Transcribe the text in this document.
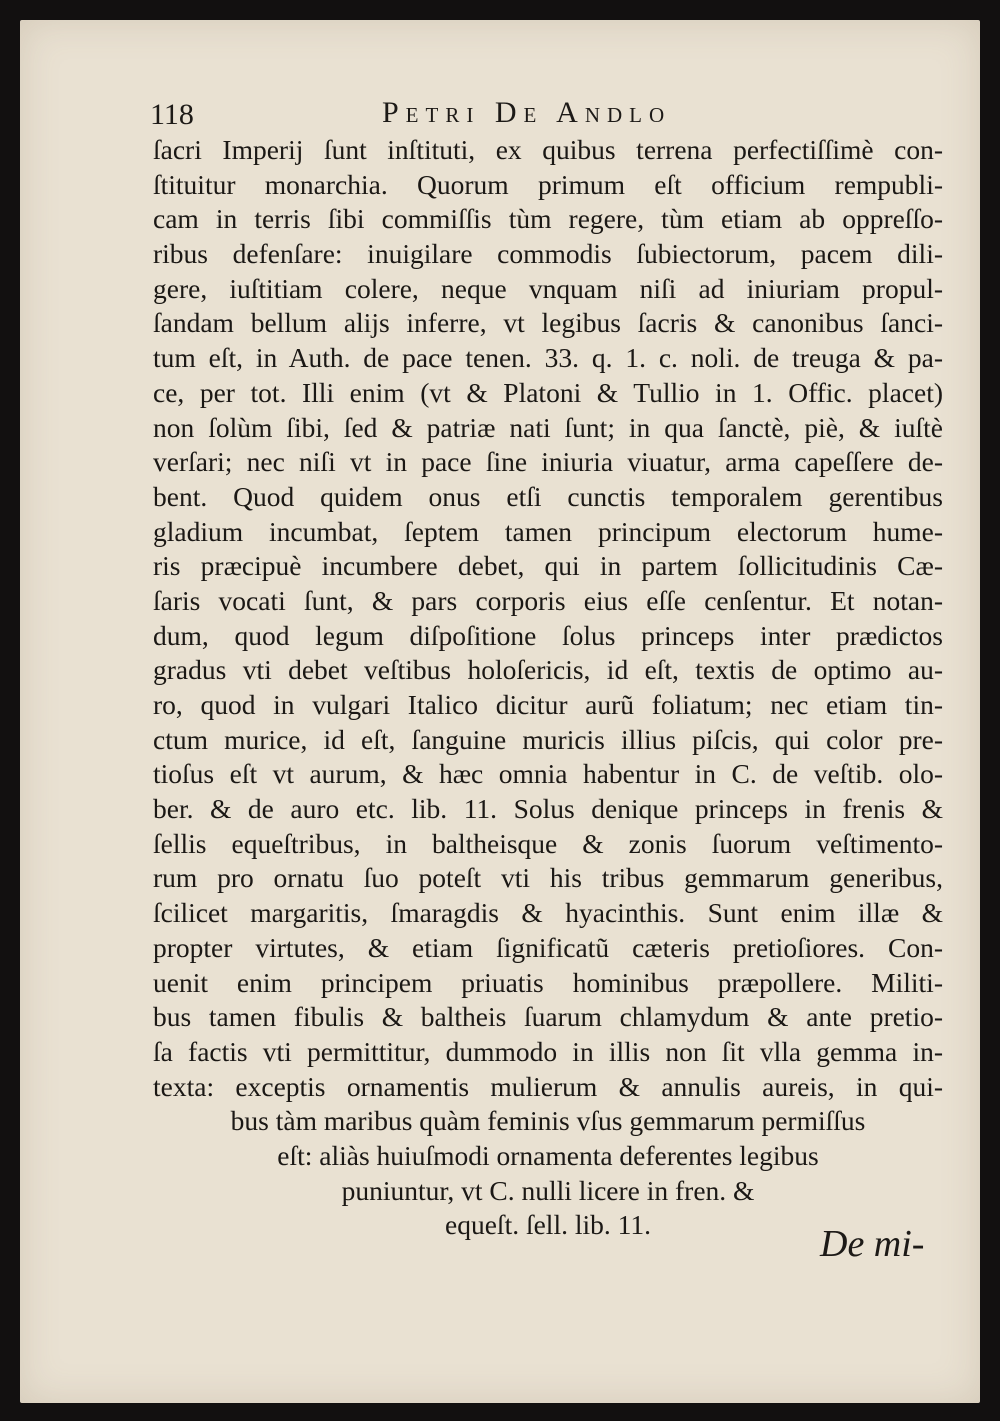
118	Petri De Andlo
ſacri Imperij ſunt inſtituti, ex quibus terrena perfectiſſimè con-
ſtituitur monarchia. Quorum primum eſt officium rempubli-
cam in terris ſibi commiſſis tùm regere, tùm etiam ab oppreſſo-
ribus defenſare: inuigilare commodis ſubiectorum, pacem dili-
gere, iuſtitiam colere, neque vnquam niſi ad iniuriam propul-
ſandam bellum alijs inferre, vt legibus ſacris & canonibus ſanci-
tum eſt, in Auth. de pace tenen. 33. q. 1. c. noli. de treuga & pa-
ce, per tot. Illi enim (vt & Platoni & Tullio in 1. Offic. placet)
non ſolùm ſibi, ſed & patriæ nati ſunt; in qua ſanctè, piè, & iuſtè
verſari; nec niſi vt in pace ſine iniuria viuatur, arma capeſſere de-
bent. Quod quidem onus etſi cunctis temporalem gerentibus
gladium incumbat, ſeptem tamen principum electorum hume-
ris præcipuè incumbere debet, qui in partem ſollicitudinis Cæ-
ſaris vocati ſunt, & pars corporis eius eſſe cenſentur. Et notan-
dum, quod legum diſpoſitione ſolus princeps inter prædictos
gradus vti debet veſtibus holoſericis, id eſt, textis de optimo au-
ro, quod in vulgari Italico dicitur aurũ foliatum; nec etiam tin-
ctum murice, id eſt, ſanguine muricis illius piſcis, qui color pre-
tioſus eſt vt aurum, & hæc omnia habentur in C. de veſtib. olo-
ber. & de auro etc. lib. 11. Solus denique princeps in frenis &
ſellis equeſtribus, in baltheisque & zonis ſuorum veſtimento-
rum pro ornatu ſuo poteſt vti his tribus gemmarum generibus,
ſcilicet margaritis, ſmaragdis & hyacinthis. Sunt enim illæ &
propter virtutes, & etiam ſignificatũ cæteris pretioſiores. Con-
uenit enim principem priuatis hominibus præpollere. Militi-
bus tamen fibulis & baltheis ſuarum chlamydum & ante pretio-
ſa factis vti permittitur, dummodo in illis non ſit vlla gemma in-
texta: exceptis ornamentis mulierum & annulis aureis, in qui-
bus tàm maribus quàm feminis vſus gemmarum permiſſus
eſt: aliàs huiuſmodi ornamenta deferentes legibus
puniuntur, vt C. nulli licere in fren. &
equeſt. ſell. lib. 11.	De mi-
